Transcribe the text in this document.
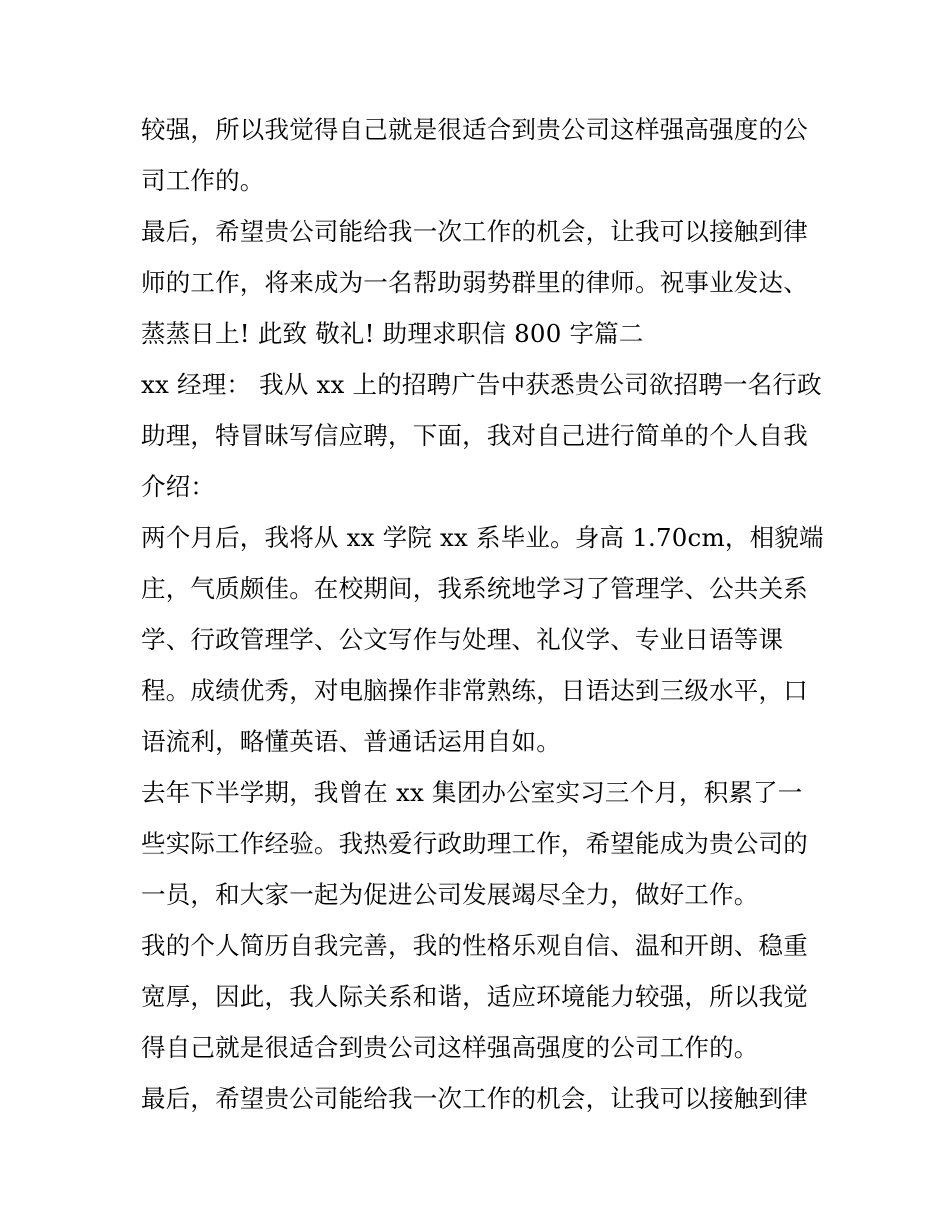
较强，所以我觉得自己就是很适合到贵公司这样强高强度的公
司工作的。

最后，希望贵公司能给我一次工作的机会，让我可以接触到律
师的工作，将来成为一名帮助弱势群里的律师。祝事业发达、
蒸蒸日上! 此致 敬礼! 助理求职信 800 字篇二

xx 经理： 我从 xx 上的招聘广告中获悉贵公司欲招聘一名行政
助理，特冒昧写信应聘，下面，我对自己进行简单的个人自我
介绍：

两个月后，我将从 xx 学院 xx 系毕业。身高 1.70cm，相貌端
庄，气质颇佳。在校期间，我系统地学习了管理学、公共关系
学、行政管理学、公文写作与处理、礼仪学、专业日语等课
程。成绩优秀，对电脑操作非常熟练，日语达到三级水平，口
语流利，略懂英语、普通话运用自如。

去年下半学期，我曾在 xx 集团办公室实习三个月，积累了一
些实际工作经验。我热爱行政助理工作，希望能成为贵公司的
一员，和大家一起为促进公司发展竭尽全力，做好工作。

我的个人简历自我完善，我的性格乐观自信、温和开朗、稳重
宽厚，因此，我人际关系和谐，适应环境能力较强，所以我觉
得自己就是很适合到贵公司这样强高强度的公司工作的。

最后，希望贵公司能给我一次工作的机会，让我可以接触到律
